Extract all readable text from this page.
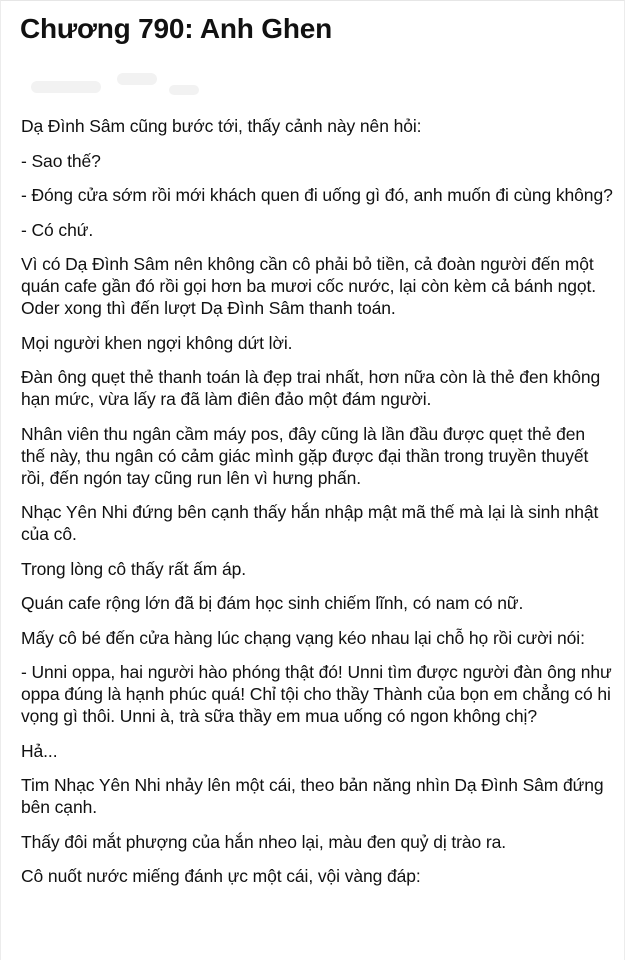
Chương 790: Anh Ghen

Dạ Đình Sâm cũng bước tới, thấy cảnh này nên hỏi:

- Sao thế?

- Đóng cửa sớm rồi mới khách quen đi uống gì đó, anh muốn đi cùng không?

- Có chứ.

Vì có Dạ Đình Sâm nên không cần cô phải bỏ tiền, cả đoàn người đến một quán cafe gần đó rồi gọi hơn ba mươi cốc nước, lại còn kèm cả bánh ngọt. Oder xong thì đến lượt Dạ Đình Sâm thanh toán.

Mọi người khen ngợi không dứt lời.

Đàn ông quẹt thẻ thanh toán là đẹp trai nhất, hơn nữa còn là thẻ đen không hạn mức, vừa lấy ra đã làm điên đảo một đám người.

Nhân viên thu ngân cầm máy pos, đây cũng là lần đầu được quẹt thẻ đen thế này, thu ngân có cảm giác mình gặp được đại thần trong truyền thuyết rồi, đến ngón tay cũng run lên vì hưng phấn.

Nhạc Yên Nhi đứng bên cạnh thấy hắn nhập mật mã thế mà lại là sinh nhật của cô.

Trong lòng cô thấy rất ấm áp.

Quán cafe rộng lớn đã bị đám học sinh chiếm lĩnh, có nam có nữ.

Mấy cô bé đến cửa hàng lúc chạng vạng kéo nhau lại chỗ họ rồi cười nói:

- Unni oppa, hai người hào phóng thật đó! Unni tìm được người đàn ông như oppa đúng là hạnh phúc quá! Chỉ tội cho thầy Thành của bọn em chẳng có hi vọng gì thôi. Unni à, trà sữa thầy em mua uống có ngon không chị?

Hả...

Tim Nhạc Yên Nhi nhảy lên một cái, theo bản năng nhìn Dạ Đình Sâm đứng bên cạnh.

Thấy đôi mắt phượng của hắn nheo lại, màu đen quỷ dị trào ra.

Cô nuốt nước miếng đánh ực một cái, vội vàng đáp:
